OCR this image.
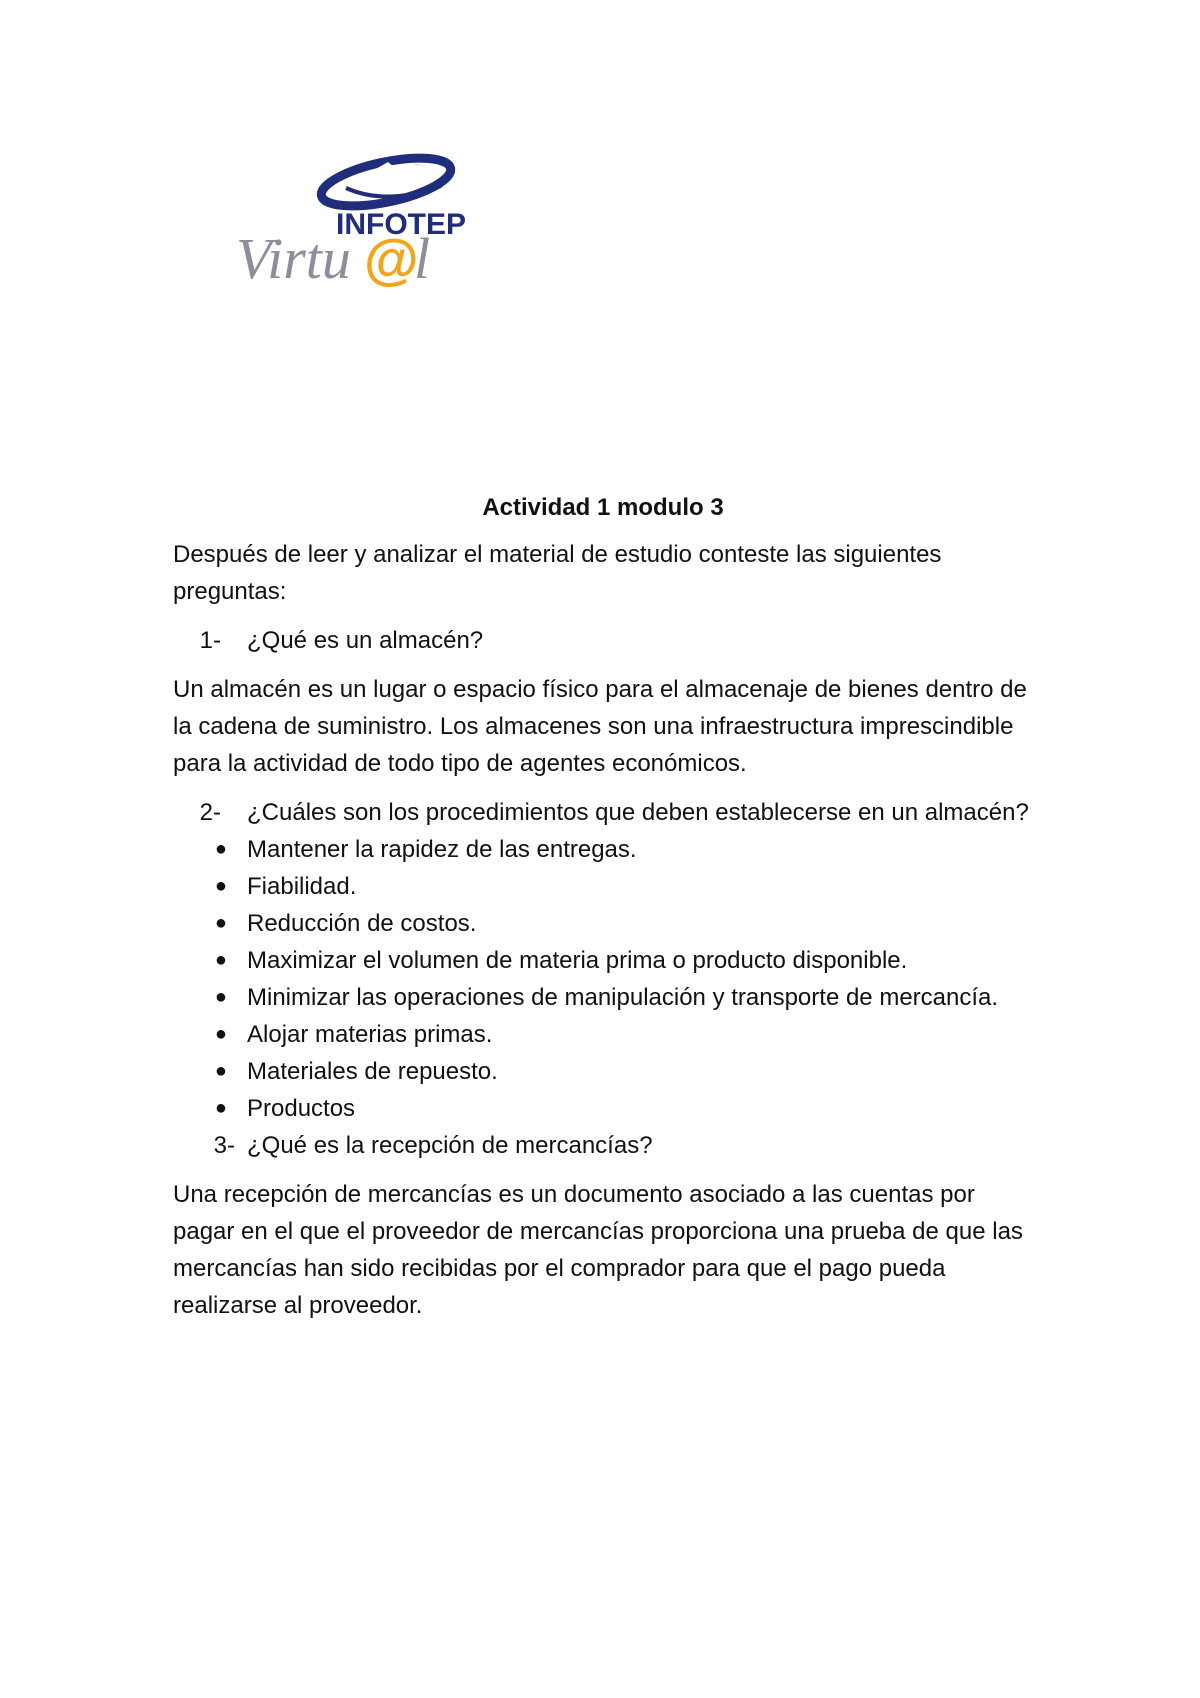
INFOTEP
Virtu @
l
Actividad 1 modulo 3

Después de leer y analizar el material de estudio conteste las siguientes preguntas:

1-	¿Qué es un almacén?

Un almacén es un lugar o espacio físico para el almacenaje de bienes dentro de la cadena de suministro. Los almacenes son una infraestructura imprescindible para la actividad de todo tipo de agentes económicos.

2-	¿Cuáles son los procedimientos que deben establecerse en un almacén?
● Mantener la rapidez de las entregas.
● Fiabilidad.
● Reducción de costos.
● Maximizar el volumen de materia prima o producto disponible.
● Minimizar las operaciones de manipulación y transporte de mercancía.
● Alojar materias primas.
● Materiales de repuesto.
● Productos
3- ¿Qué es la recepción de mercancías?

Una recepción de mercancías es un documento asociado a las cuentas por pagar en el que el proveedor de mercancías proporciona una prueba de que las mercancías han sido recibidas por el comprador para que el pago pueda realizarse al proveedor.
